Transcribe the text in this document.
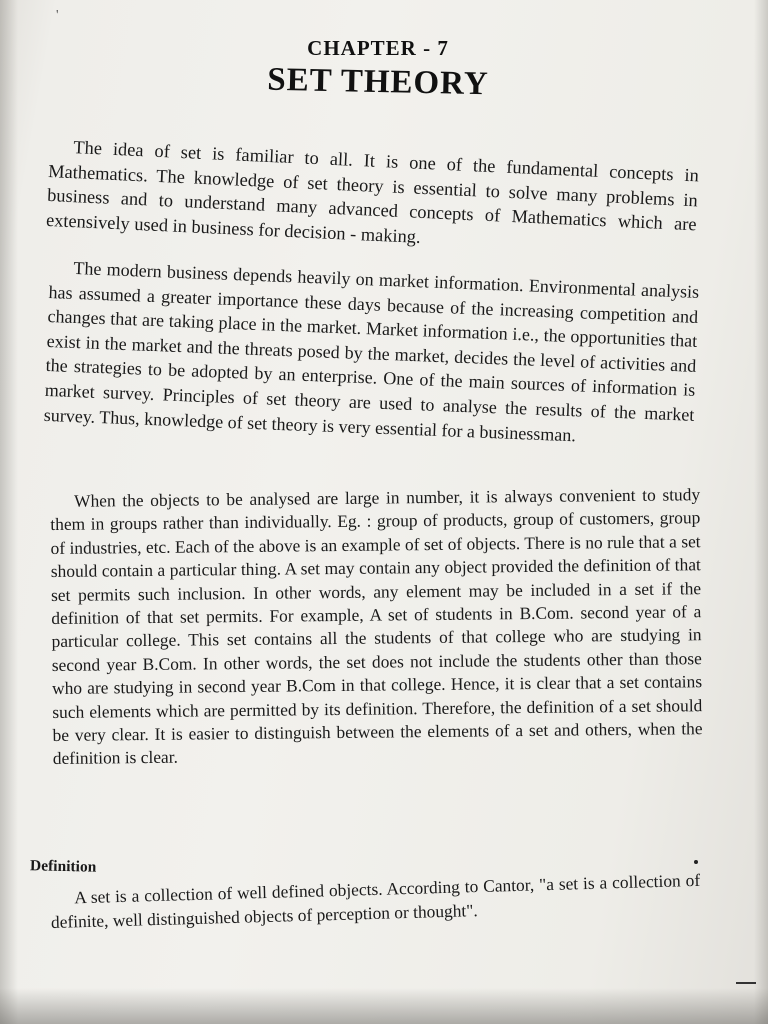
'
CHAPTER - 7
SET THEORY

The idea of set is familiar to all. It is one of the fundamental concepts in Mathematics. The knowledge of set theory is essential to solve many problems in business and to understand many advanced concepts of Mathematics which are extensively used in business for decision - making.

The modern business depends heavily on market information. Environmental analysis has assumed a greater importance these days because of the increasing competition and changes that are taking place in the market. Market information i.e., the opportunities that exist in the market and the threats posed by the market, decides the level of activities and the strategies to be adopted by an enterprise. One of the main sources of information is market survey. Principles of set theory are used to analyse the results of the market survey. Thus, knowledge of set theory is very essential for a businessman.

When the objects to be analysed are large in number, it is always convenient to study them in groups rather than individually. Eg. : group of products, group of customers, group of industries, etc. Each of the above is an example of set of objects. There is no rule that a set should contain a particular thing. A set may contain any object provided the definition of that set permits such inclusion. In other words, any element may be included in a set if the definition of that set permits. For example, A set of students in B.Com. second year of a particular college. This set contains all the students of that college who are studying in second year B.Com. In other words, the set does not include the students other than those who are studying in second year B.Com in that college. Hence, it is clear that a set contains such elements which are permitted by its definition. Therefore, the definition of a set should be very clear. It is easier to distinguish between the elements of a set and others, when the definition is clear.

Definition

A set is a collection of well defined objects. According to Cantor, "a set is a collection of definite, well distinguished objects of perception or thought".
